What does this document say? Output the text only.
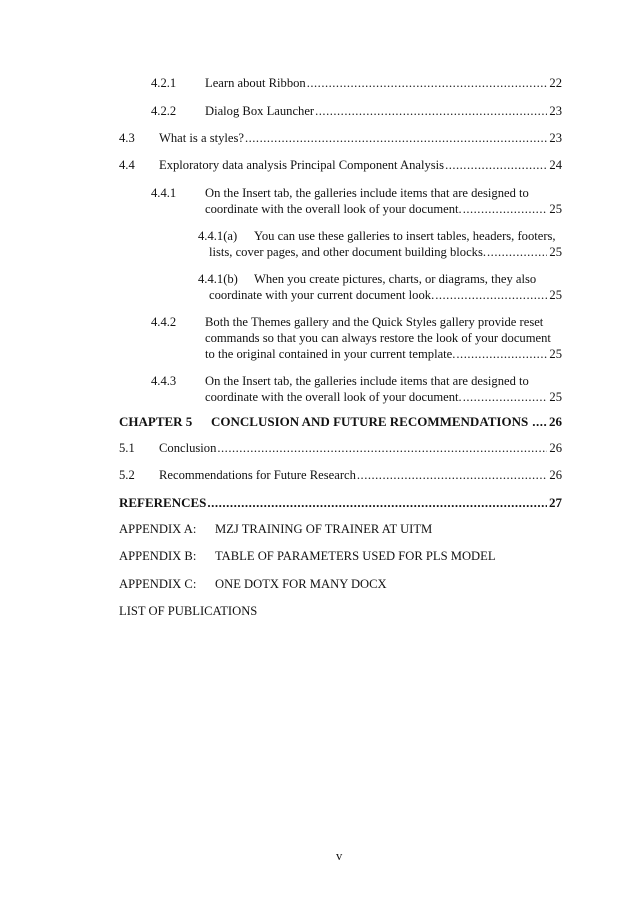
4.2.1 Learn about Ribbon .....	22
4.2.2 Dialog Box Launcher .....	23
4.3 What is a styles? .....	23
4.4 Exploratory data analysis Principal Component Analysis .....	24
4.4.1 On the Insert tab, the galleries include items that are designed to
coordinate with the overall look of your document. .....	25
4.4.1(a) You can use these galleries to insert tables, headers, footers,
lists, cover pages, and other document building blocks. .....	25
4.4.1(b) When you create pictures, charts, or diagrams, they also
coordinate with your current document look. .....	25
4.4.2 Both the Themes gallery and the Quick Styles gallery provide reset
commands so that you can always restore the look of your document
to the original contained in your current template. .....	25
4.4.3 On the Insert tab, the galleries include items that are designed to
coordinate with the overall look of your document. .....	25
CHAPTER 5 CONCLUSION AND FUTURE RECOMMENDATIONS ..... 26
5.1 Conclusion .....	26
5.2 Recommendations for Future Research .....	26
REFERENCES .....	27
APPENDIX A: MZJ TRAINING OF TRAINER AT UITM
APPENDIX B: TABLE OF PARAMETERS USED FOR PLS MODEL
APPENDIX C: ONE DOTX FOR MANY DOCX
LIST OF PUBLICATIONS
v
